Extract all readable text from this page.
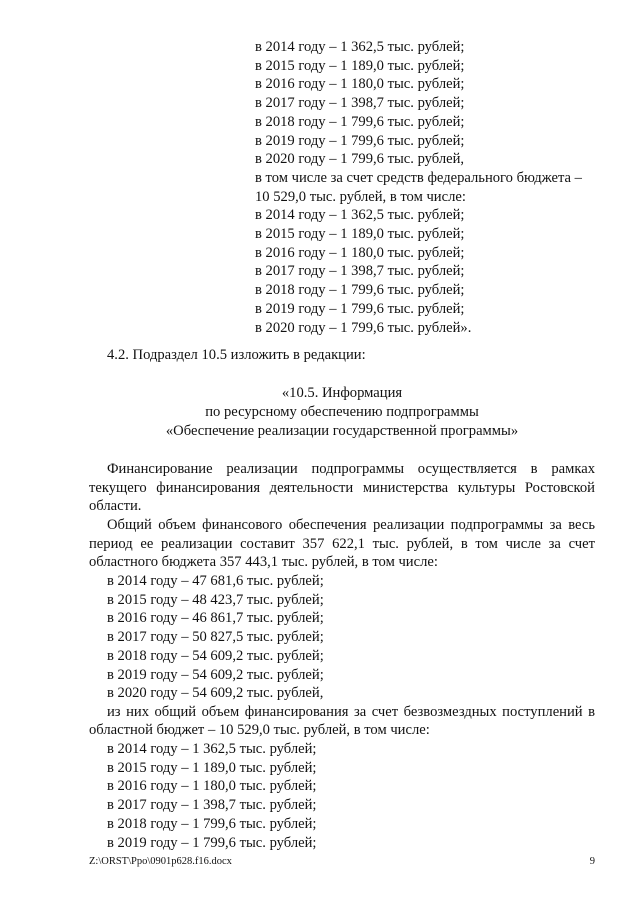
в 2014 году – 1 362,5 тыс. рублей;
в 2015 году – 1 189,0 тыс. рублей;
в 2016 году – 1 180,0 тыс. рублей;
в 2017 году – 1 398,7 тыс. рублей;
в 2018 году – 1 799,6 тыс. рублей;
в 2019 году – 1 799,6 тыс. рублей;
в 2020 году – 1 799,6 тыс. рублей,
в том числе за счет средств федерального бюджета –
10 529,0 тыс. рублей, в том числе:
в 2014 году – 1 362,5 тыс. рублей;
в 2015 году – 1 189,0 тыс. рублей;
в 2016 году – 1 180,0 тыс. рублей;
в 2017 году – 1 398,7 тыс. рублей;
в 2018 году – 1 799,6 тыс. рублей;
в 2019 году – 1 799,6 тыс. рублей;
в 2020 году – 1 799,6 тыс. рублей».
4.2. Подраздел 10.5 изложить в редакции:
«10.5. Информация
по ресурсному обеспечению подпрограммы
«Обеспечение реализации государственной программы»
Финансирование реализации подпрограммы осуществляется в рамках
текущего финансирования деятельности министерства культуры Ростовской
области.
Общий объем финансового обеспечения реализации подпрограммы за весь
период ее реализации составит 357 622,1 тыс. рублей, в том числе за счет
областного бюджета 357 443,1 тыс. рублей, в том числе:
в 2014 году – 47 681,6 тыс. рублей;
в 2015 году – 48 423,7 тыс. рублей;
в 2016 году – 46 861,7 тыс. рублей;
в 2017 году – 50 827,5 тыс. рублей;
в 2018 году – 54 609,2 тыс. рублей;
в 2019 году – 54 609,2 тыс. рублей;
в 2020 году – 54 609,2 тыс. рублей,
из них общий объем финансирования за счет безвозмездных поступлений в
областной бюджет – 10 529,0 тыс. рублей, в том числе:
в 2014 году – 1 362,5 тыс. рублей;
в 2015 году – 1 189,0 тыс. рублей;
в 2016 году – 1 180,0 тыс. рублей;
в 2017 году – 1 398,7 тыс. рублей;
в 2018 году – 1 799,6 тыс. рублей;
в 2019 году – 1 799,6 тыс. рублей;
Z:\ORST\Ppo\0901p628.f16.docx	9
